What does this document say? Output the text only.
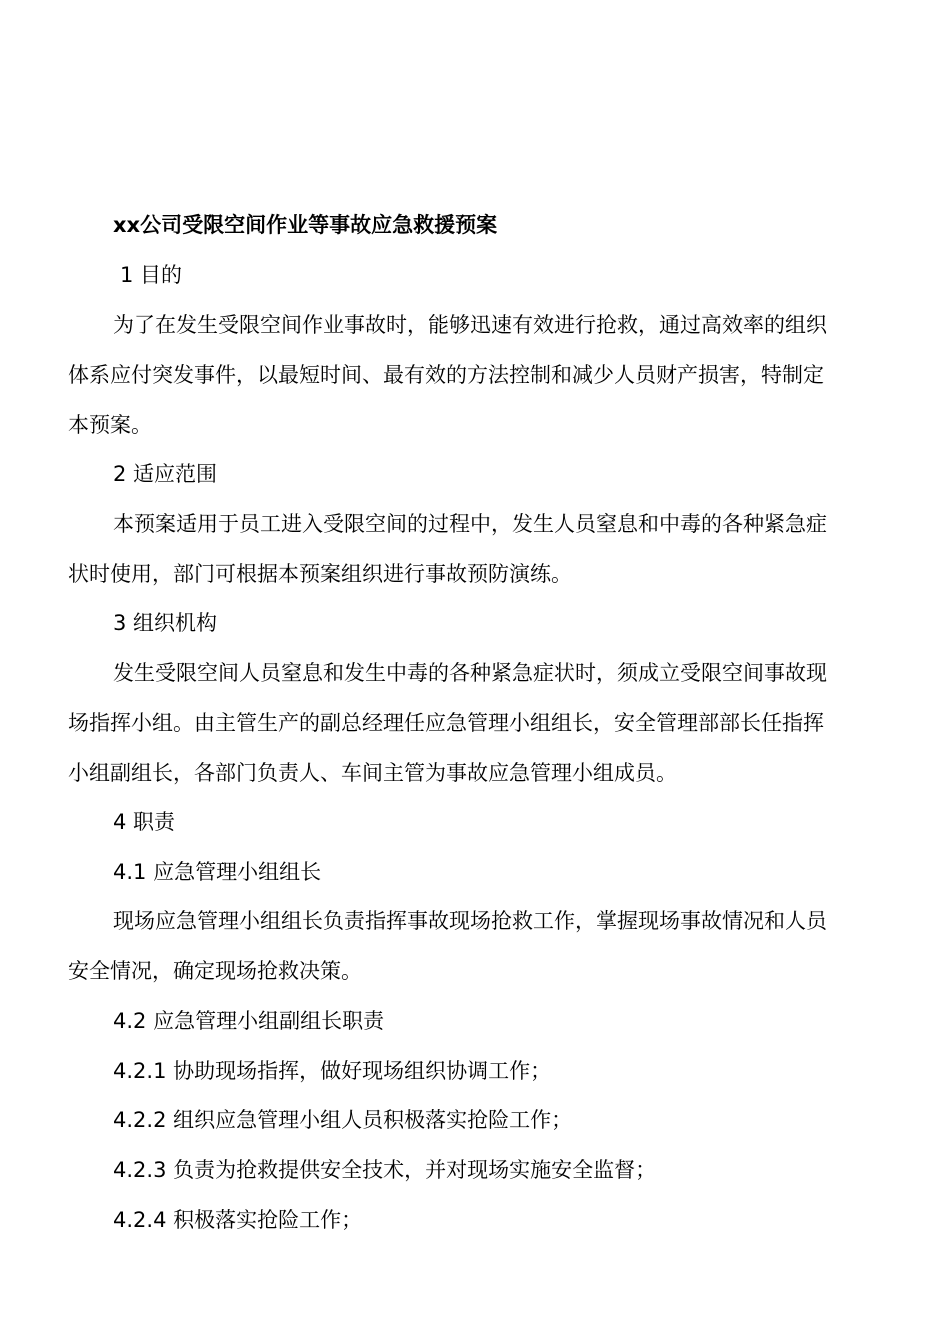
xx公司受限空间作业等事故应急救援预案
1 目的
为了在发生受限空间作业事故时，能够迅速有效进行抢救，通过高效率的组织
体系应付突发事件，以最短时间、最有效的方法控制和减少人员财产损害，特制定
本预案。
2 适应范围
本预案适用于员工进入受限空间的过程中，发生人员窒息和中毒的各种紧急症
状时使用，部门可根据本预案组织进行事故预防演练。
3 组织机构
发生受限空间人员窒息和发生中毒的各种紧急症状时，须成立受限空间事故现
场指挥小组。由主管生产的副总经理任应急管理小组组长，安全管理部部长任指挥
小组副组长，各部门负责人、车间主管为事故应急管理小组成员。
4 职责
4.1 应急管理小组组长
现场应急管理小组组长负责指挥事故现场抢救工作，掌握现场事故情况和人员
安全情况，确定现场抢救决策。
4.2 应急管理小组副组长职责
4.2.1 协助现场指挥，做好现场组织协调工作；
4.2.2 组织应急管理小组人员积极落实抢险工作；
4.2.3 负责为抢救提供安全技术，并对现场实施安全监督；
4.2.4 积极落实抢险工作；
